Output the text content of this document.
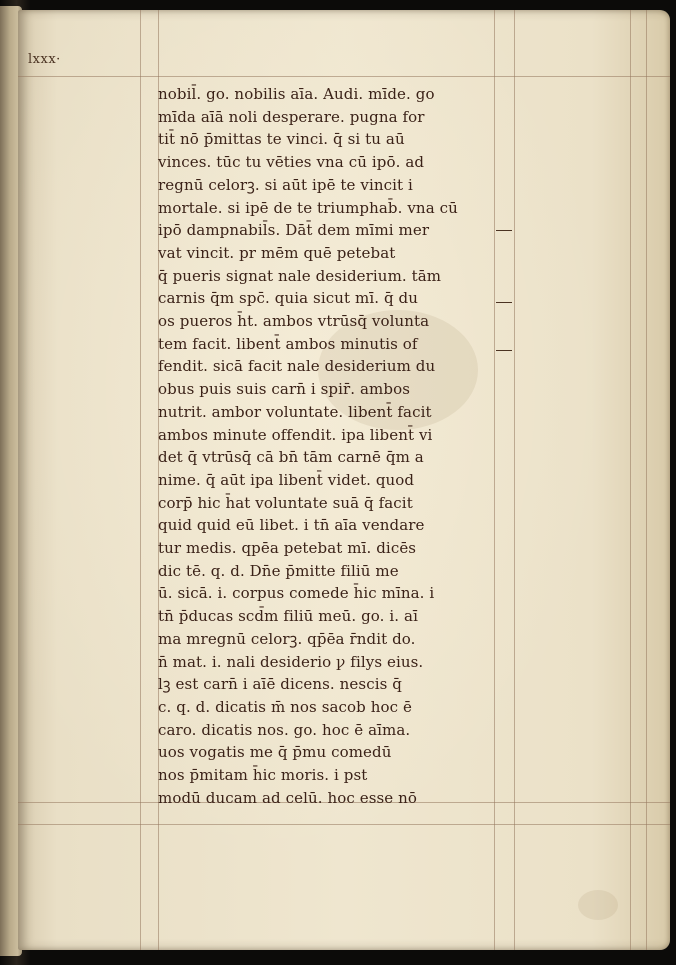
lxxx·
nobil̄. go. nobilis aīa. Audi. mīde. go
mīda aīā noli desperare. pugna for
tit̄ nō p̄mittas te vinci. q̄ si tu aū
vinces. tūc tu vēties vna cū ipō. ad
regnū celorꝫ. si aūt ipē te vincit i
mortale. si ipē de te triumphab̄. vna cū
ipō dampnabil̄s. Dāt̄ dem mīmi mer
vat vincit. pr mēm quē petebat
q̄ pueris signat nale desiderium. tām
carnis q̄m spc̄. quia sicut mī. q̄ du
os pueros h̄t. ambos vtrūsq̄ volunta
tem facit. libent̄ ambos minutis of
fendit. sicā facit nale desiderium du
obus puis suis carn̄ i spir̄. ambos
nutrit. ambor voluntate. libent̄ facit
ambos minute offendit. ipa libent̄ vi
det q̄ vtrūsq̄ cā bn̄ tām carnē q̄m a
nime. q̄ aūt ipa libent̄ videt. quod
corp̄ hic h̄at voluntate suā q̄ facit
quid quid eū libet. i tn̄ aīa vendare
tur medis. qpēa petebat mī. dicēs
dic tē. q. d. Dn̄e p̄mitte filiū me
ū. sicā. i. corpus comede h̄ic mīna. i
tn̄ p̄ducas scd̄m filiū meū. go. i. aī
ma mregnū celorꝫ. qp̄ēa r̄ndit do.
n̄ mat. i. nali desiderio ꝩ filys eius.
lꝫ est carn̄ i aīē dicens. nescis q̄
c. q. d. dicatis m̄ nos sacob hoc ē
caro. dicatis nos. go. hoc ē aīma.
uos vogatis me q̄ p̄mu comedū
nos p̄mitam h̄ic moris. i pst
modū ducam ad celū. hoc esse nō
